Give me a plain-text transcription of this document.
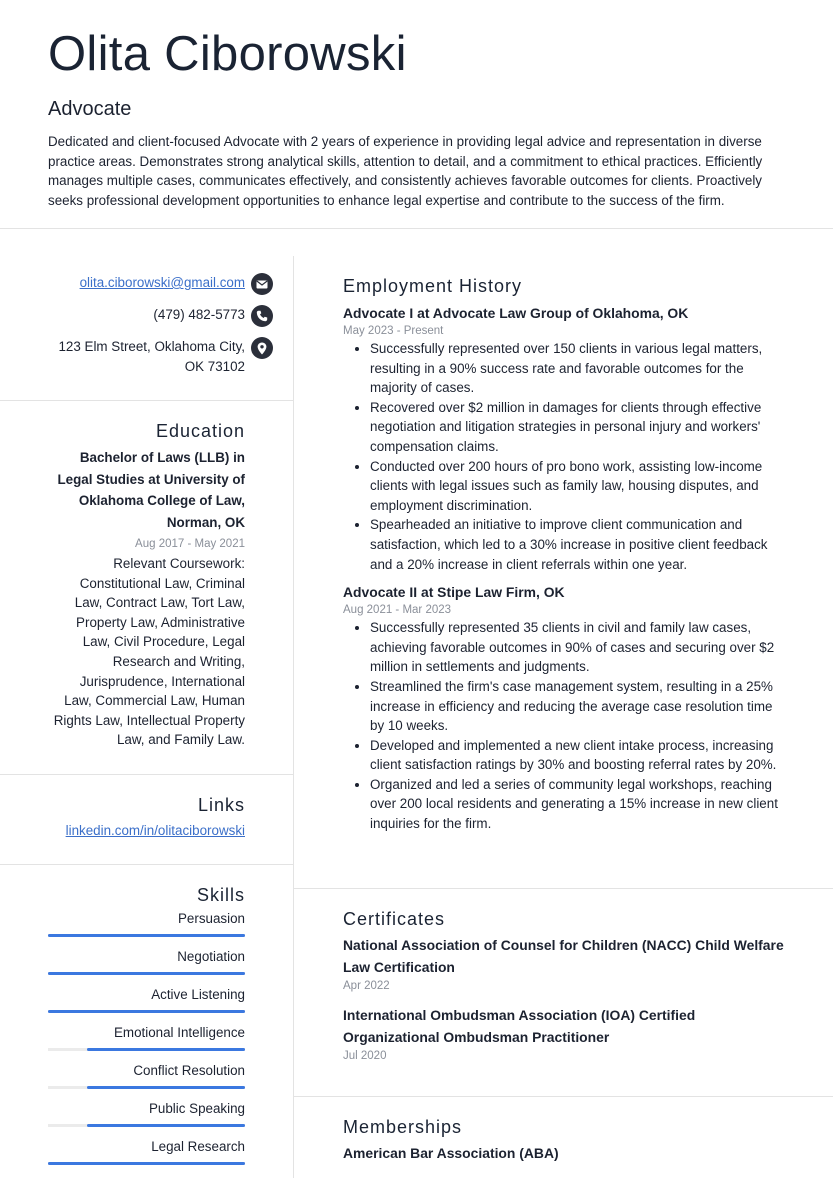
Olita Ciborowski
Advocate
Dedicated and client-focused Advocate with 2 years of experience in providing legal advice and representation in diverse practice areas. Demonstrates strong analytical skills, attention to detail, and a commitment to ethical practices. Efficiently manages multiple cases, communicates effectively, and consistently achieves favorable outcomes for clients. Proactively seeks professional development opportunities to enhance legal expertise and contribute to the success of the firm.
olita.ciborowski@gmail.com
(479) 482-5773
123 Elm Street, Oklahoma City,
OK 73102
Education
Bachelor of Laws (LLB) in Legal Studies at University of Oklahoma College of Law, Norman, OK
Aug 2017 - May 2021
Relevant Coursework: Constitutional Law, Criminal Law, Contract Law, Tort Law, Property Law, Administrative Law, Civil Procedure, Legal Research and Writing, Jurisprudence, International Law, Commercial Law, Human Rights Law, Intellectual Property Law, and Family Law.
Links
linkedin.com/in/olitaciborowski
Skills
Persuasion
Negotiation
Active Listening
Emotional Intelligence
Conflict Resolution
Public Speaking
Legal Research
Employment History
Advocate I at Advocate Law Group of Oklahoma, OK
May 2023 - Present
• Successfully represented over 150 clients in various legal matters, resulting in a 90% success rate and favorable outcomes for the majority of cases.
• Recovered over $2 million in damages for clients through effective negotiation and litigation strategies in personal injury and workers' compensation claims.
• Conducted over 200 hours of pro bono work, assisting low-income clients with legal issues such as family law, housing disputes, and employment discrimination.
• Spearheaded an initiative to improve client communication and satisfaction, which led to a 30% increase in positive client feedback and a 20% increase in client referrals within one year.
Advocate II at Stipe Law Firm, OK
Aug 2021 - Mar 2023
• Successfully represented 35 clients in civil and family law cases, achieving favorable outcomes in 90% of cases and securing over $2 million in settlements and judgments.
• Streamlined the firm's case management system, resulting in a 25% increase in efficiency and reducing the average case resolution time by 10 weeks.
• Developed and implemented a new client intake process, increasing client satisfaction ratings by 30% and boosting referral rates by 20%.
• Organized and led a series of community legal workshops, reaching over 200 local residents and generating a 15% increase in new client inquiries for the firm.
Certificates
National Association of Counsel for Children (NACC) Child Welfare Law Certification
Apr 2022
International Ombudsman Association (IOA) Certified Organizational Ombudsman Practitioner
Jul 2020
Memberships
American Bar Association (ABA)
